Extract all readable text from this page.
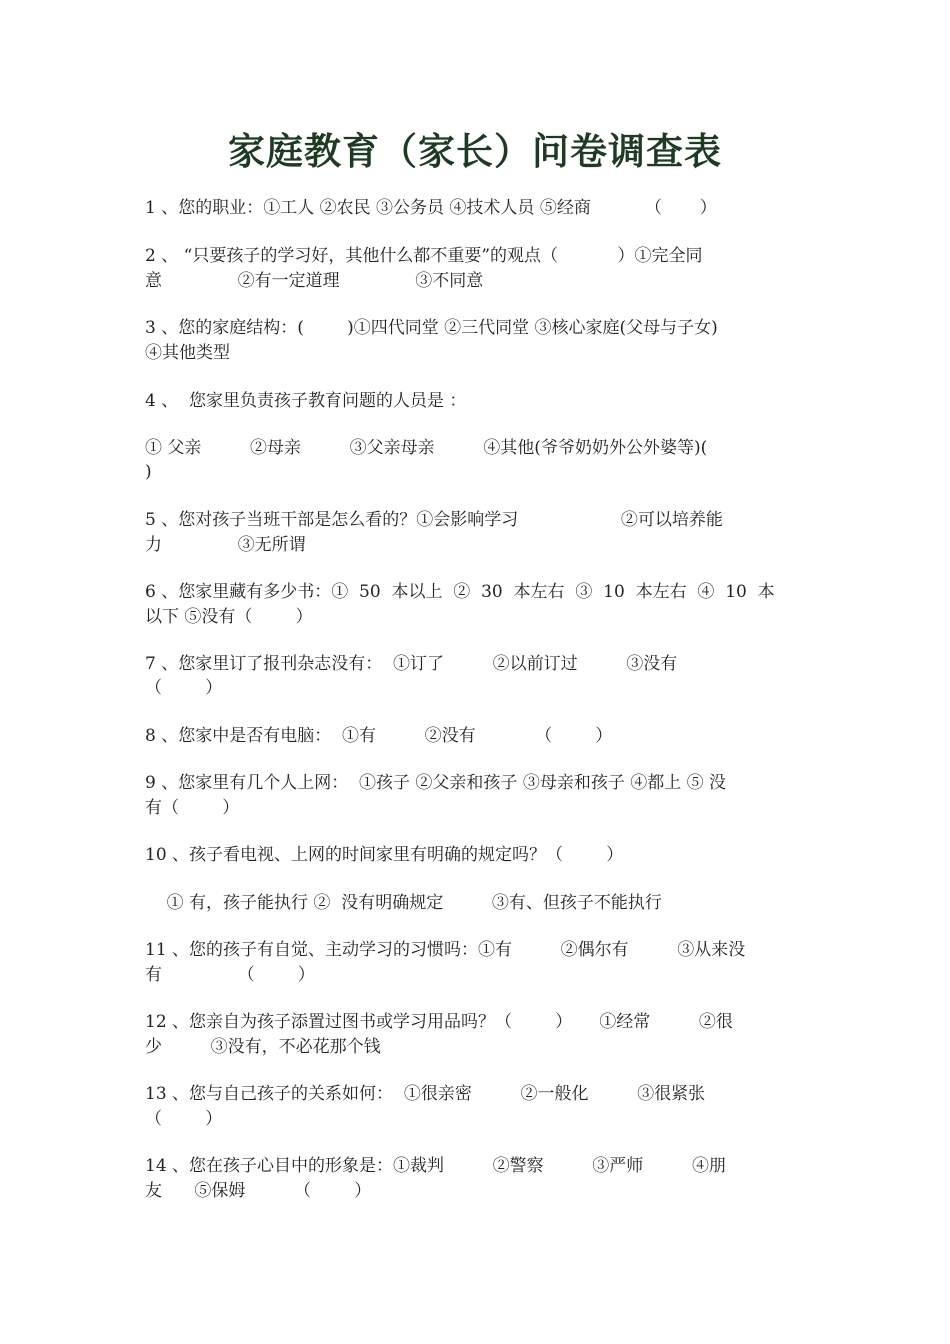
家庭教育（家长）问卷调查表
1 、您的职业：①工人 ②农民 ③公务员 ④技术人员 ⑤经商          （       ）
2 、 “只要孩子的学习好，其他什么都不重要”的观点（           ）①完全同
意              ②有一定道理              ③不同意
3 、您的家庭结构：(        )①四代同堂 ②三代同堂 ③核心家庭(父母与子女)
④其他类型
4 、  您家里负责孩子教育问题的人员是 ：
① 父亲         ②母亲         ③父亲母亲         ④其他(爷爷奶奶外公外婆等)(
)
5 、您对孩子当班干部是怎么看的？①会影响学习                   ②可以培养能
力              ③无所谓
6 、您家里藏有多少书：①  50  本以上  ②  30  本左右  ③  10  本左右  ④  10  本
以下 ⑤没有（        ）
7 、您家里订了报刊杂志没有：  ①订了         ②以前订过         ③没有
（        ）
8 、您家中是否有电脑：  ①有         ②没有           （        ）
9 、您家里有几个人上网：  ①孩子 ②父亲和孩子 ③母亲和孩子 ④都上 ⑤ 没
有（        ）
10 、孩子看电视、上网的时间家里有明确的规定吗？（        ）
① 有，孩子能执行 ②  没有明确规定         ③有、但孩子不能执行
11 、您的孩子有自觉、主动学习的习惯吗：①有         ②偶尔有         ③从来没
有              （        ）
12 、您亲自为孩子添置过图书或学习用品吗？（        ）     ①经常         ②很
少         ③没有，不必花那个钱
13 、您与自己孩子的关系如何：  ①很亲密         ②一般化         ③很紧张
（        ）
14 、您在孩子心目中的形象是：①裁判         ②警察         ③严师         ④朋
友      ⑤保姆         （        ）
